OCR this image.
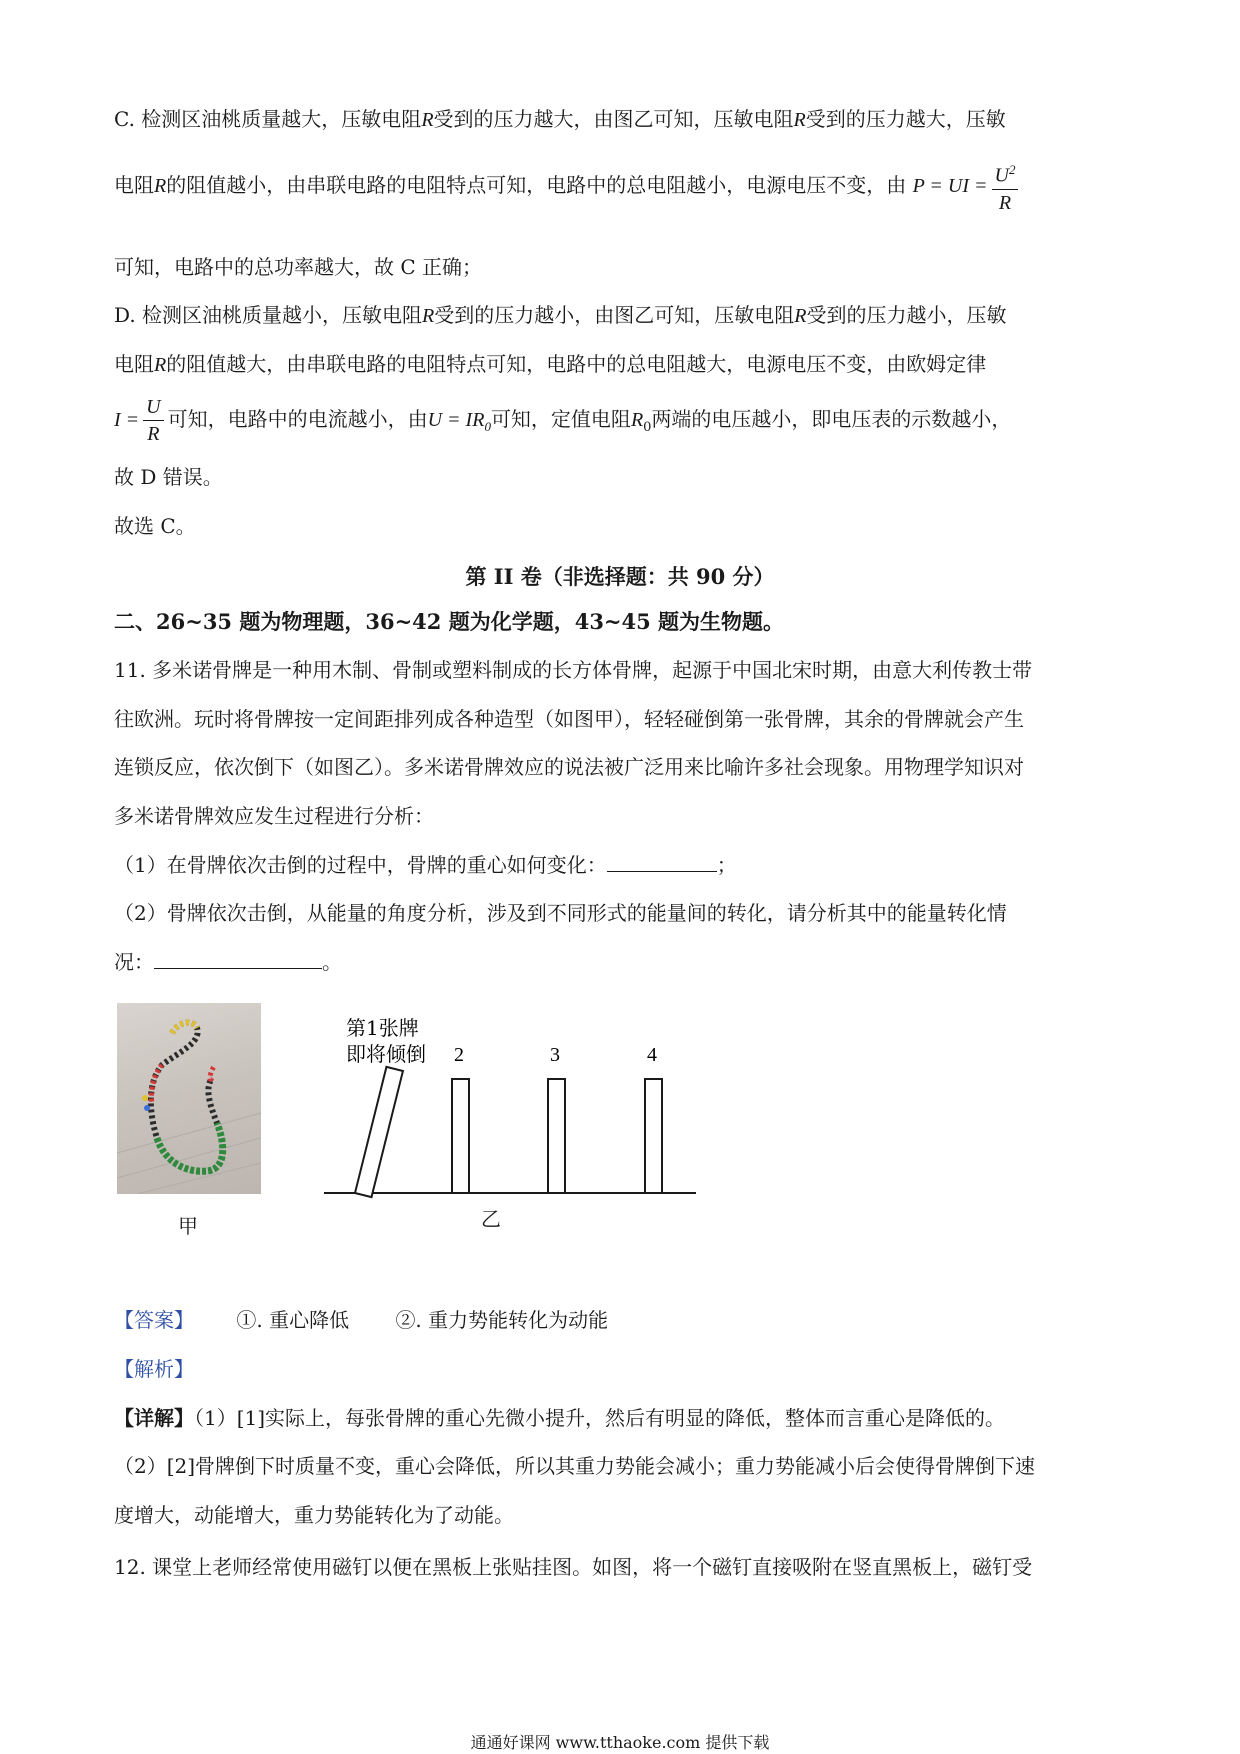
C. 检测区油桃质量越大，压敏电阻R受到的压力越大，由图乙可知，压敏电阻R受到的压力越大，压敏
电阻R的阻值越小，由串联电路的电阻特点可知，电路中的总电阻越小，电源电压不变，由 P = UI = $\frac{U^2}{R}$
可知，电路中的总功率越大，故 C 正确；
D. 检测区油桃质量越小，压敏电阻R受到的压力越小，由图乙可知，压敏电阻R受到的压力越小，压敏
电阻R的阻值越大，由串联电路的电阻特点可知，电路中的总电阻越大，电源电压不变，由欧姆定律
$I = \frac{U}{R}$ 可知，电路中的电流越小，由$U = IR_0$可知，定值电阻$R_0$两端的电压越小，即电压表的示数越小，
故 D 错误。
故选 C。
第 II 卷（非选择题：共 90 分）
二、26~35 题为物理题，36~42 题为化学题，43~45 题为生物题。
11. 多米诺骨牌是一种用木制、骨制或塑料制成的长方体骨牌，起源于中国北宋时期，由意大利传教士带
往欧洲。玩时将骨牌按一定间距排列成各种造型（如图甲），轻轻碰倒第一张骨牌，其余的骨牌就会产生
连锁反应，依次倒下（如图乙）。多米诺骨牌效应的说法被广泛用来比喻许多社会现象。用物理学知识对
多米诺骨牌效应发生过程进行分析：
（1）在骨牌依次击倒的过程中，骨牌的重心如何变化：	；
（2）骨牌依次击倒，从能量的角度分析，涉及到不同形式的能量间的转化，请分析其中的能量转化情
况：	。
甲
第1张牌
即将倾倒 2	3	4
乙
【答案】 ①. 重心降低 ②. 重力势能转化为动能
【解析】
【详解】（1）[1]实际上，每张骨牌的重心先微小提升，然后有明显的降低，整体而言重心是降低的。
（2）[2]骨牌倒下时质量不变，重心会降低，所以其重力势能会减小；重力势能减小后会使得骨牌倒下速
度增大，动能增大，重力势能转化为了动能。
12. 课堂上老师经常使用磁钉以便在黑板上张贴挂图。如图，将一个磁钉直接吸附在竖直黑板上，磁钉受
通通好课网 www.tthaoke.com 提供下载
